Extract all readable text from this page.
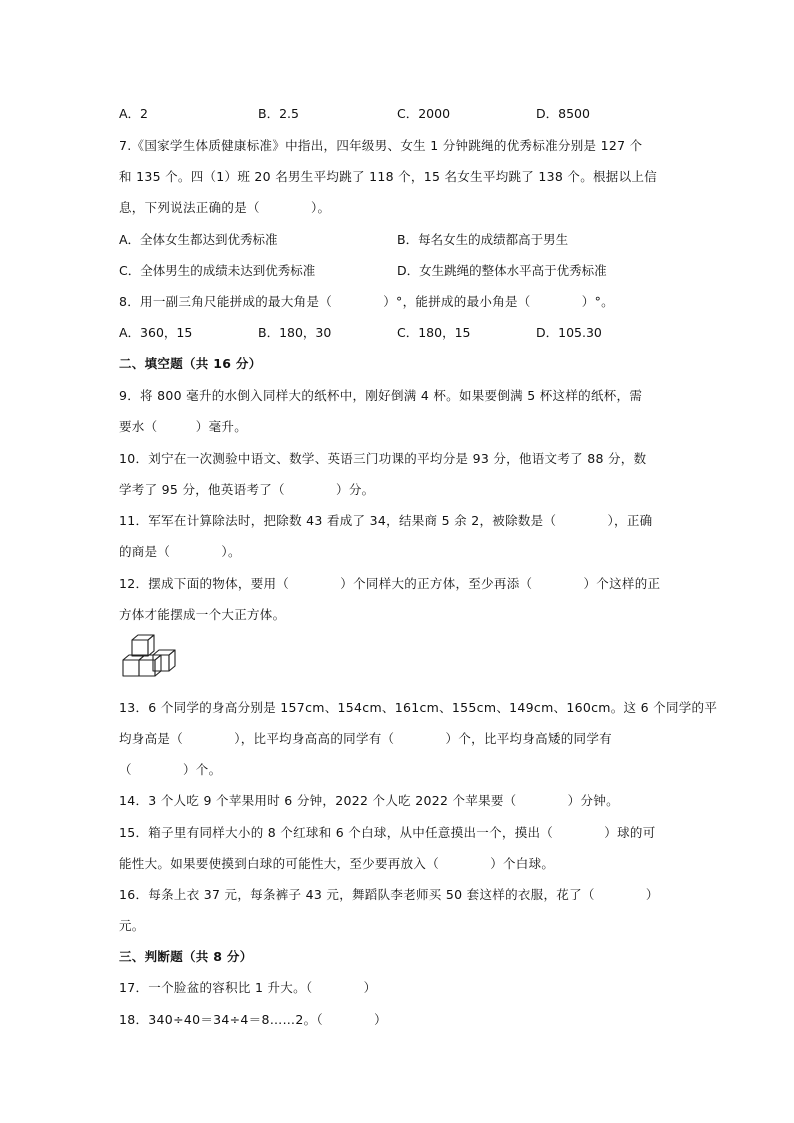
A．2	B．2.5	C．2000	D．8500
7.《国家学生体质健康标准》中指出，四年级男、女生 1 分钟跳绳的优秀标准分别是 127 个
和 135 个。四（1）班 20 名男生平均跳了 118 个，15 名女生平均跳了 138 个。根据以上信
息，下列说法正确的是（　　　　）。
A．全体女生都达到优秀标准	B．每名女生的成绩都高于男生
C．全体男生的成绩未达到优秀标准	D．女生跳绳的整体水平高于优秀标准
8．用一副三角尺能拼成的最大角是（　　　　）°，能拼成的最小角是（　　　　）°。
A．360，15	B．180，30	C．180，15	D．105.30
二、填空题（共 16 分）
9．将 800 毫升的水倒入同样大的纸杯中，刚好倒满 4 杯。如果要倒满 5 杯这样的纸杯，需
要水（　　　）毫升。
10．刘宁在一次测验中语文、数学、英语三门功课的平均分是 93 分，他语文考了 88 分，数
学考了 95 分，他英语考了（　　　　）分。
11．军军在计算除法时，把除数 43 看成了 34，结果商 5 余 2，被除数是（　　　　），正确
的商是（　　　　）。
12．摆成下面的物体，要用（　　　　）个同样大的正方体，至少再添（　　　　）个这样的正
方体才能摆成一个大正方体。
13．6 个同学的身高分别是 157cm、154cm、161cm、155cm、149cm、160cm。这 6 个同学的平
均身高是（　　　　），比平均身高高的同学有（　　　　）个，比平均身高矮的同学有
（　　　　）个。
14．3 个人吃 9 个苹果用时 6 分钟，2022 个人吃 2022 个苹果要（　　　　）分钟。
15．箱子里有同样大小的 8 个红球和 6 个白球，从中任意摸出一个，摸出（　　　　）球的可
能性大。如果要使摸到白球的可能性大，至少要再放入（　　　　）个白球。
16．每条上衣 37 元，每条裤子 43 元，舞蹈队李老师买 50 套这样的衣服，花了（　　　　）
元。
三、判断题（共 8 分）
17．一个脸盆的容积比 1 升大。（　　　　）
18．340÷40＝34÷4＝8……2。（　　　　）
